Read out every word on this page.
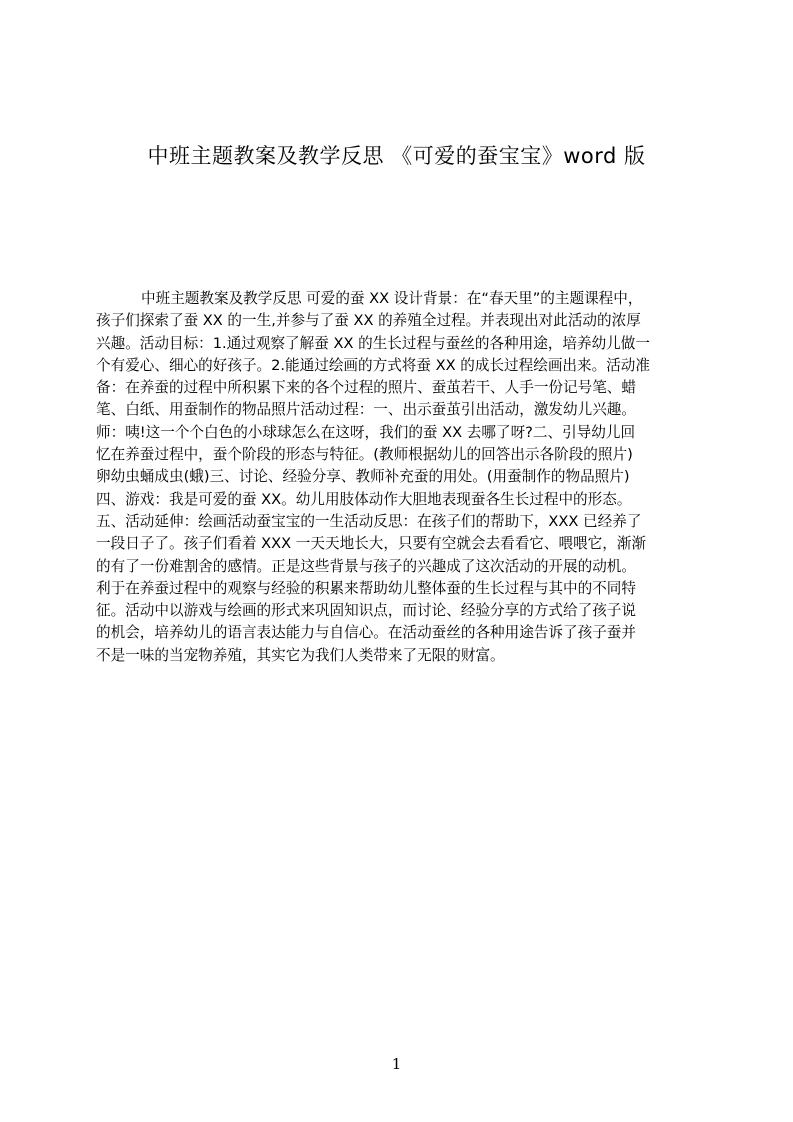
中班主题教案及教学反思 《可爱的蚕宝宝》word 版
中班主题教案及教学反思 可爱的蚕 XX 设计背景：在“春天里”的主题课程中，
孩子们探索了蚕 XX 的一生,并参与了蚕 XX 的养殖全过程。并表现出对此活动的浓厚
兴趣。活动目标：1.通过观察了解蚕 XX 的生长过程与蚕丝的各种用途，培养幼儿做一
个有爱心、细心的好孩子。2.能通过绘画的方式将蚕 XX 的成长过程绘画出来。活动准
备：在养蚕的过程中所积累下来的各个过程的照片、蚕茧若干、人手一份记号笔、蜡
笔、白纸、用蚕制作的物品照片活动过程：一、出示蚕茧引出活动，激发幼儿兴趣。
师：咦!这一个个白色的小球球怎么在这呀，我们的蚕 XX 去哪了呀?二、引导幼儿回
忆在养蚕过程中，蚕个阶段的形态与特征。(教师根据幼儿的回答出示各阶段的照片)
卵幼虫蛹成虫(蛾)三、讨论、经验分享、教师补充蚕的用处。(用蚕制作的物品照片)
四、游戏：我是可爱的蚕 XX。幼儿用肢体动作大胆地表现蚕各生长过程中的形态。
五、活动延伸：绘画活动蚕宝宝的一生活动反思：在孩子们的帮助下，XXX 已经养了
一段日子了。孩子们看着 XXX 一天天地长大，只要有空就会去看看它、喂喂它，渐渐
的有了一份难割舍的感情。正是这些背景与孩子的兴趣成了这次活动的开展的动机。
利于在养蚕过程中的观察与经验的积累来帮助幼儿整体蚕的生长过程与其中的不同特
征。活动中以游戏与绘画的形式来巩固知识点，而讨论、经验分享的方式给了孩子说
的机会，培养幼儿的语言表达能力与自信心。在活动蚕丝的各种用途告诉了孩子蚕并
不是一味的当宠物养殖，其实它为我们人类带来了无限的财富。
1
